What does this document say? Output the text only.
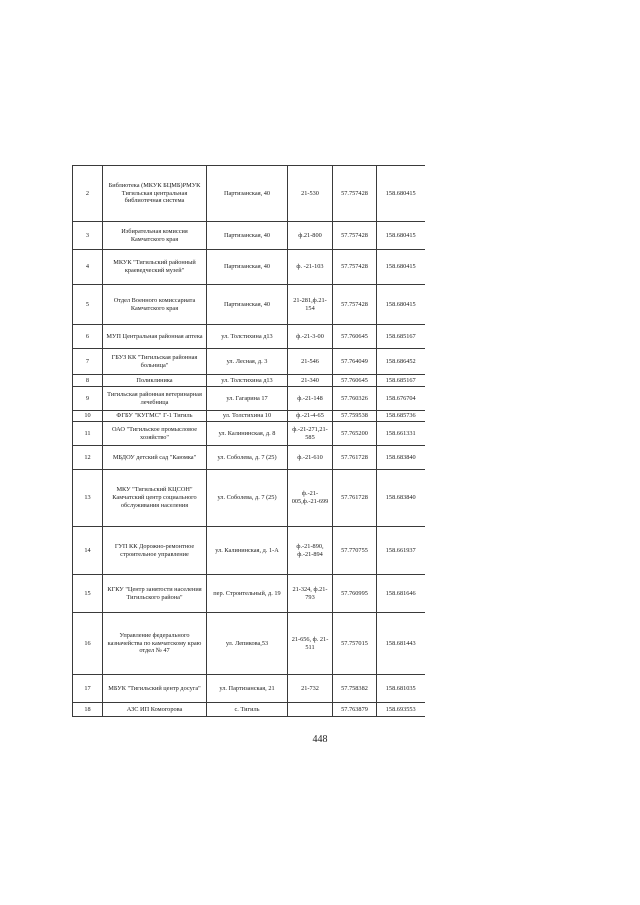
2	Библиотека (МКУК БЦМБ)РМУК Тигильская центральная библиотечная система	Партизанская, 40	21-530	57.757428	158.680415
3	Избирательная комиссия Камчатского края	Партизанская, 40	ф.21-800	57.757428	158.680415
4	МКУК "Тигильский районный краеведческий музей"	Партизанская, 40	ф. -21-103	57.757428	158.680415
5	Отдел Военного комиссариата Камчатского края	Партизанская, 40	21-281,ф.21-154	57.757428	158.680415
6	МУП Центральная районная аптека	ул. Толстихина д13	ф.-21-3-00	57.760645	158.685167
7	ГБУЗ КК "Тигильская районная больница"	ул. Лесная, д. 3	21-546	57.764049	158.686452
8	Поликлиника	ул. Толстихина д13	21-340	57.760645	158.685167
9	Тигильская районная ветеринарная лечебница	ул. Гагарина 17	ф.-21-148	57.760326	158.676704
10	ФГБУ "КУГМС" Г-1 Тигиль	ул. Толстихина 10	ф.-21-4-65	57.759538	158.685736
11	ОАО "Тигильское промысловое хозяйство"	ул. Калининская, д. 8	ф.-21-271,21-585	57.765200	158.661331
12	МБДОУ детский сад "Каюмка"	ул. Соболева, д. 7 (25)	ф.-21-610	57.761728	158.683840
13	МКУ "Тигильский КЦСОН" Камчатский центр социального обслуживания населения	ул. Соболева, д. 7 (25)	ф.-21-005,ф.-21-699	57.761728	158.683840
14	ГУП КК Дорожно-ремонтное строительное управление	ул. Калининская, д. 1-А	ф.-21-890, ф.-21-894	57.770755	158.661937
15	КГКУ "Центр занятости населения Тигильского района"	пер. Строительный, д. 19	21-324, ф.21-793	57.760995	158.681646
16	Управление федерального казначейства по камчатскому краю отдел № 47	ул. Лепикова,53	21-656, ф. 21-511	57.757015	158.681443
17	МБУК "Тигильский центр досуга"	ул. Партизанская, 21	21-732	57.758382	158.681035
18	АЗС ИП Комогорова	с. Тигиль		57.763879	158.693553
448
